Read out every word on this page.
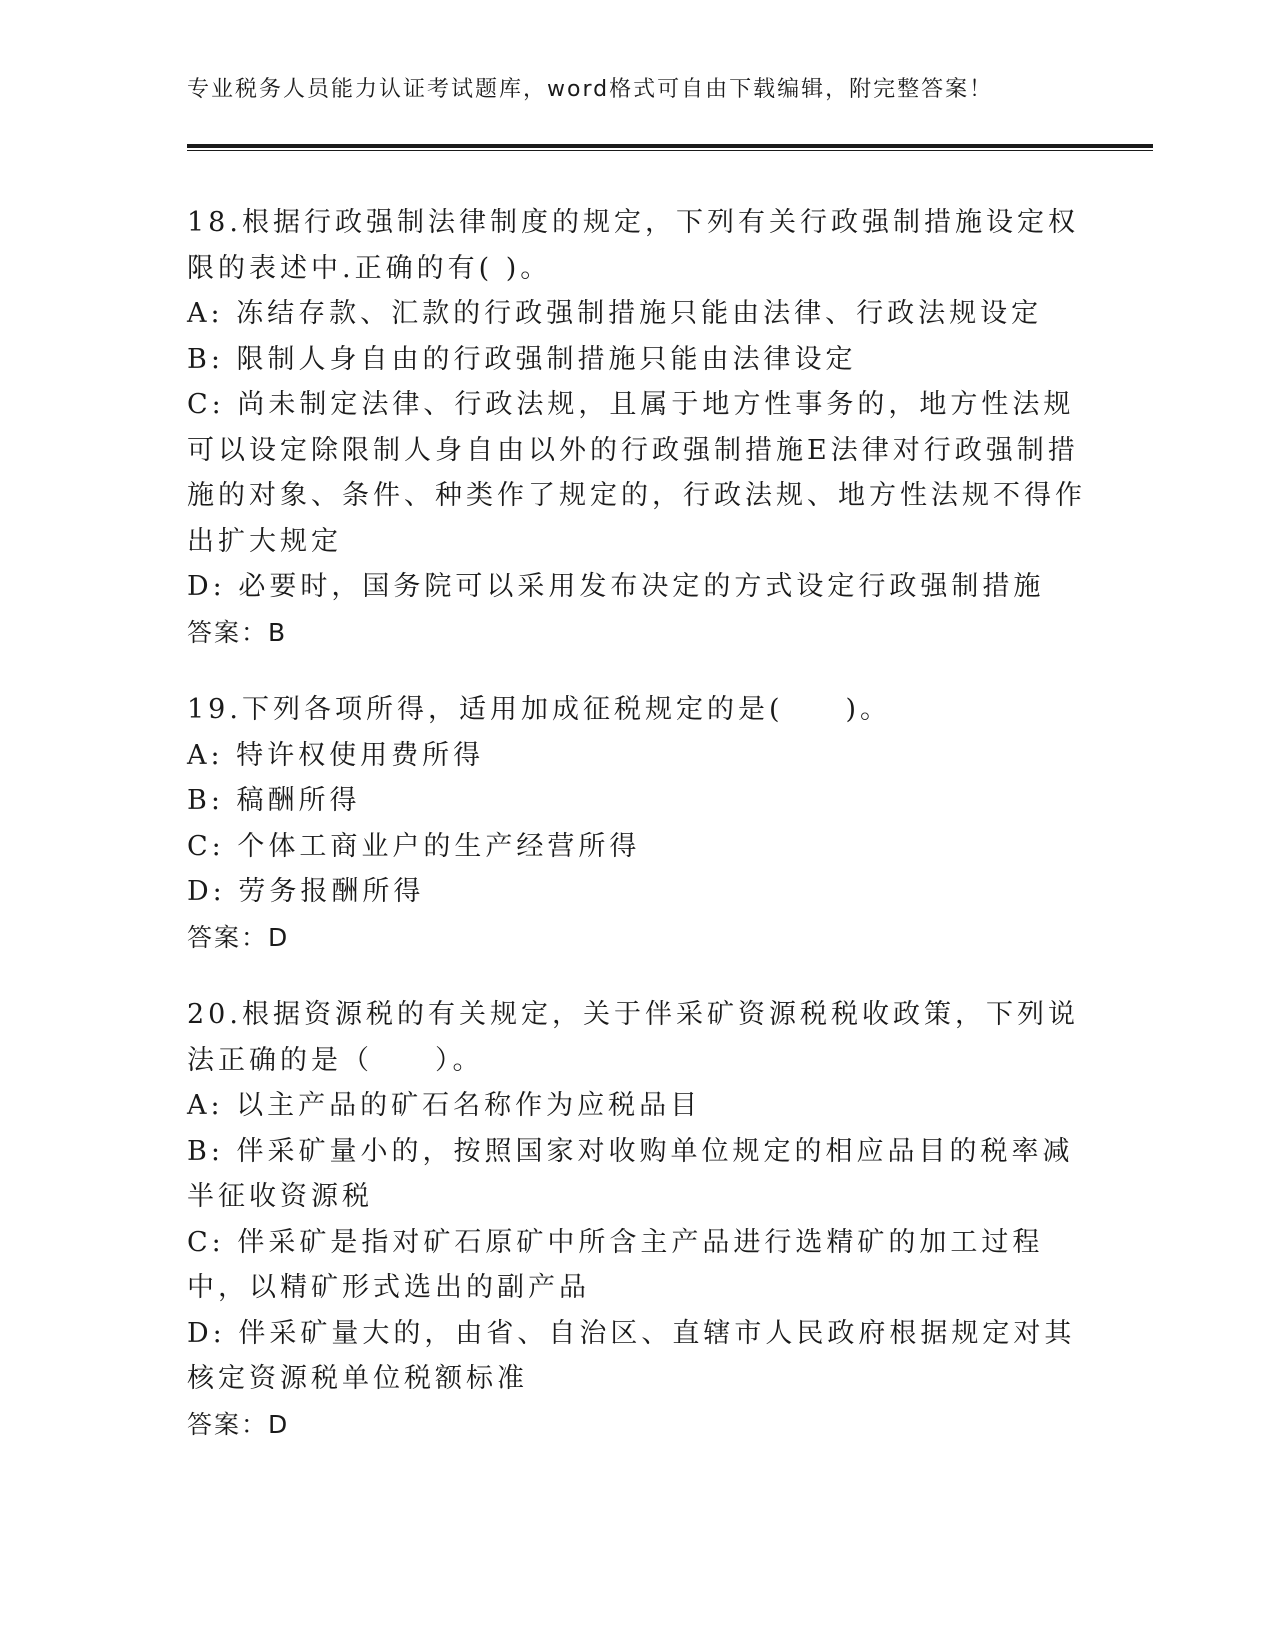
专业税务人员能力认证考试题库，word格式可自由下载编辑，附完整答案！

18.根据行政强制法律制度的规定，下列有关行政强制措施设定权限的表述中.正确的有( )。

A: 冻结存款、汇款的行政强制措施只能由法律、行政法规设定

B: 限制人身自由的行政强制措施只能由法律设定

C: 尚未制定法律、行政法规，且属于地方性事务的，地方性法规可以设定除限制人身自由以外的行政强制措施E法律对行政强制措施的对象、条件、种类作了规定的，行政法规、地方性法规不得作出扩大规定

D: 必要时，国务院可以采用发布决定的方式设定行政强制措施

答案：B

19.下列各项所得，适用加成征税规定的是(　　)。

A: 特许权使用费所得

B: 稿酬所得

C: 个体工商业户的生产经营所得

D: 劳务报酬所得

答案：D

20.根据资源税的有关规定，关于伴采矿资源税税收政策，下列说法正确的是（　　）。

A: 以主产品的矿石名称作为应税品目

B: 伴采矿量小的，按照国家对收购单位规定的相应品目的税率减半征收资源税

C: 伴采矿是指对矿石原矿中所含主产品进行选精矿的加工过程中，以精矿形式选出的副产品

D: 伴采矿量大的，由省、自治区、直辖市人民政府根据规定对其核定资源税单位税额标准

答案：D
